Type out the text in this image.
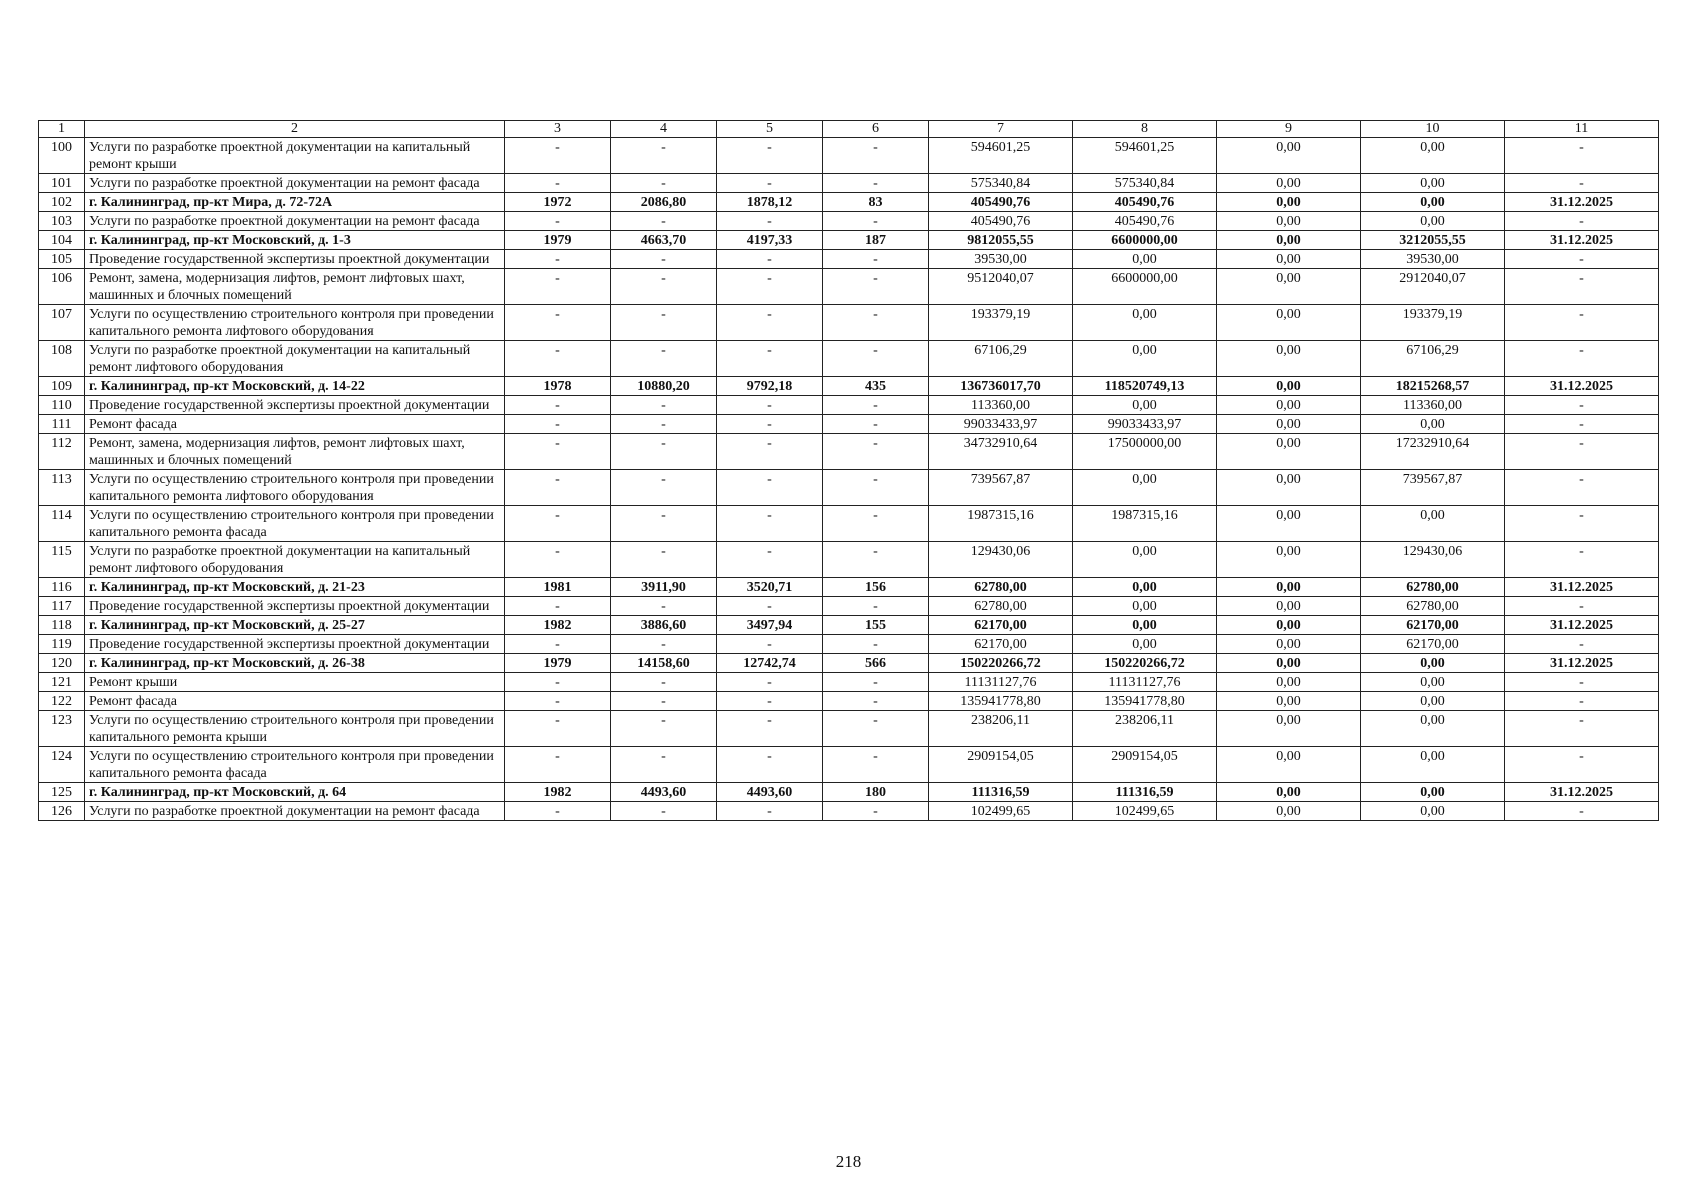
1	2	3	4	5	6	7	8	9	10	11
100	Услуги по разработке проектной документации на капитальный ремонт крыши	-	-	-	-	594601,25	594601,25	0,00	0,00	-
101	Услуги по разработке проектной документации на ремонт фасада	-	-	-	-	575340,84	575340,84	0,00	0,00	-
102	г. Калининград, пр-кт Мира, д. 72-72А	1972	2086,80	1878,12	83	405490,76	405490,76	0,00	0,00	31.12.2025
103	Услуги по разработке проектной документации на ремонт фасада	-	-	-	-	405490,76	405490,76	0,00	0,00	-
104	г. Калининград, пр-кт Московский, д. 1-3	1979	4663,70	4197,33	187	9812055,55	6600000,00	0,00	3212055,55	31.12.2025
105	Проведение государственной экспертизы проектной документации	-	-	-	-	39530,00	0,00	0,00	39530,00	-
106	Ремонт, замена, модернизация лифтов, ремонт лифтовых шахт, машинных и блочных помещений	-	-	-	-	9512040,07	6600000,00	0,00	2912040,07	-
107	Услуги по осуществлению строительного контроля при проведении капитального ремонта лифтового оборудования	-	-	-	-	193379,19	0,00	0,00	193379,19	-
108	Услуги по разработке проектной документации на капитальный ремонт лифтового оборудования	-	-	-	-	67106,29	0,00	0,00	67106,29	-
109	г. Калининград, пр-кт Московский, д. 14-22	1978	10880,20	9792,18	435	136736017,70	118520749,13	0,00	18215268,57	31.12.2025
110	Проведение государственной экспертизы проектной документации	-	-	-	-	113360,00	0,00	0,00	113360,00	-
111	Ремонт фасада	-	-	-	-	99033433,97	99033433,97	0,00	0,00	-
112	Ремонт, замена, модернизация лифтов, ремонт лифтовых шахт, машинных и блочных помещений	-	-	-	-	34732910,64	17500000,00	0,00	17232910,64	-
113	Услуги по осуществлению строительного контроля при проведении капитального ремонта лифтового оборудования	-	-	-	-	739567,87	0,00	0,00	739567,87	-
114	Услуги по осуществлению строительного контроля при проведении капитального ремонта фасада	-	-	-	-	1987315,16	1987315,16	0,00	0,00	-
115	Услуги по разработке проектной документации на капитальный ремонт лифтового оборудования	-	-	-	-	129430,06	0,00	0,00	129430,06	-
116	г. Калининград, пр-кт Московский, д. 21-23	1981	3911,90	3520,71	156	62780,00	0,00	0,00	62780,00	31.12.2025
117	Проведение государственной экспертизы проектной документации	-	-	-	-	62780,00	0,00	0,00	62780,00	-
118	г. Калининград, пр-кт Московский, д. 25-27	1982	3886,60	3497,94	155	62170,00	0,00	0,00	62170,00	31.12.2025
119	Проведение государственной экспертизы проектной документации	-	-	-	-	62170,00	0,00	0,00	62170,00	-
120	г. Калининград, пр-кт Московский, д. 26-38	1979	14158,60	12742,74	566	150220266,72	150220266,72	0,00	0,00	31.12.2025
121	Ремонт крыши	-	-	-	-	11131127,76	11131127,76	0,00	0,00	-
122	Ремонт фасада	-	-	-	-	135941778,80	135941778,80	0,00	0,00	-
123	Услуги по осуществлению строительного контроля при проведении капитального ремонта крыши	-	-	-	-	238206,11	238206,11	0,00	0,00	-
124	Услуги по осуществлению строительного контроля при проведении капитального ремонта фасада	-	-	-	-	2909154,05	2909154,05	0,00	0,00	-
125	г. Калининград, пр-кт Московский, д. 64	1982	4493,60	4493,60	180	111316,59	111316,59	0,00	0,00	31.12.2025
126	Услуги по разработке проектной документации на ремонт фасада	-	-	-	-	102499,65	102499,65	0,00	0,00	-
218
